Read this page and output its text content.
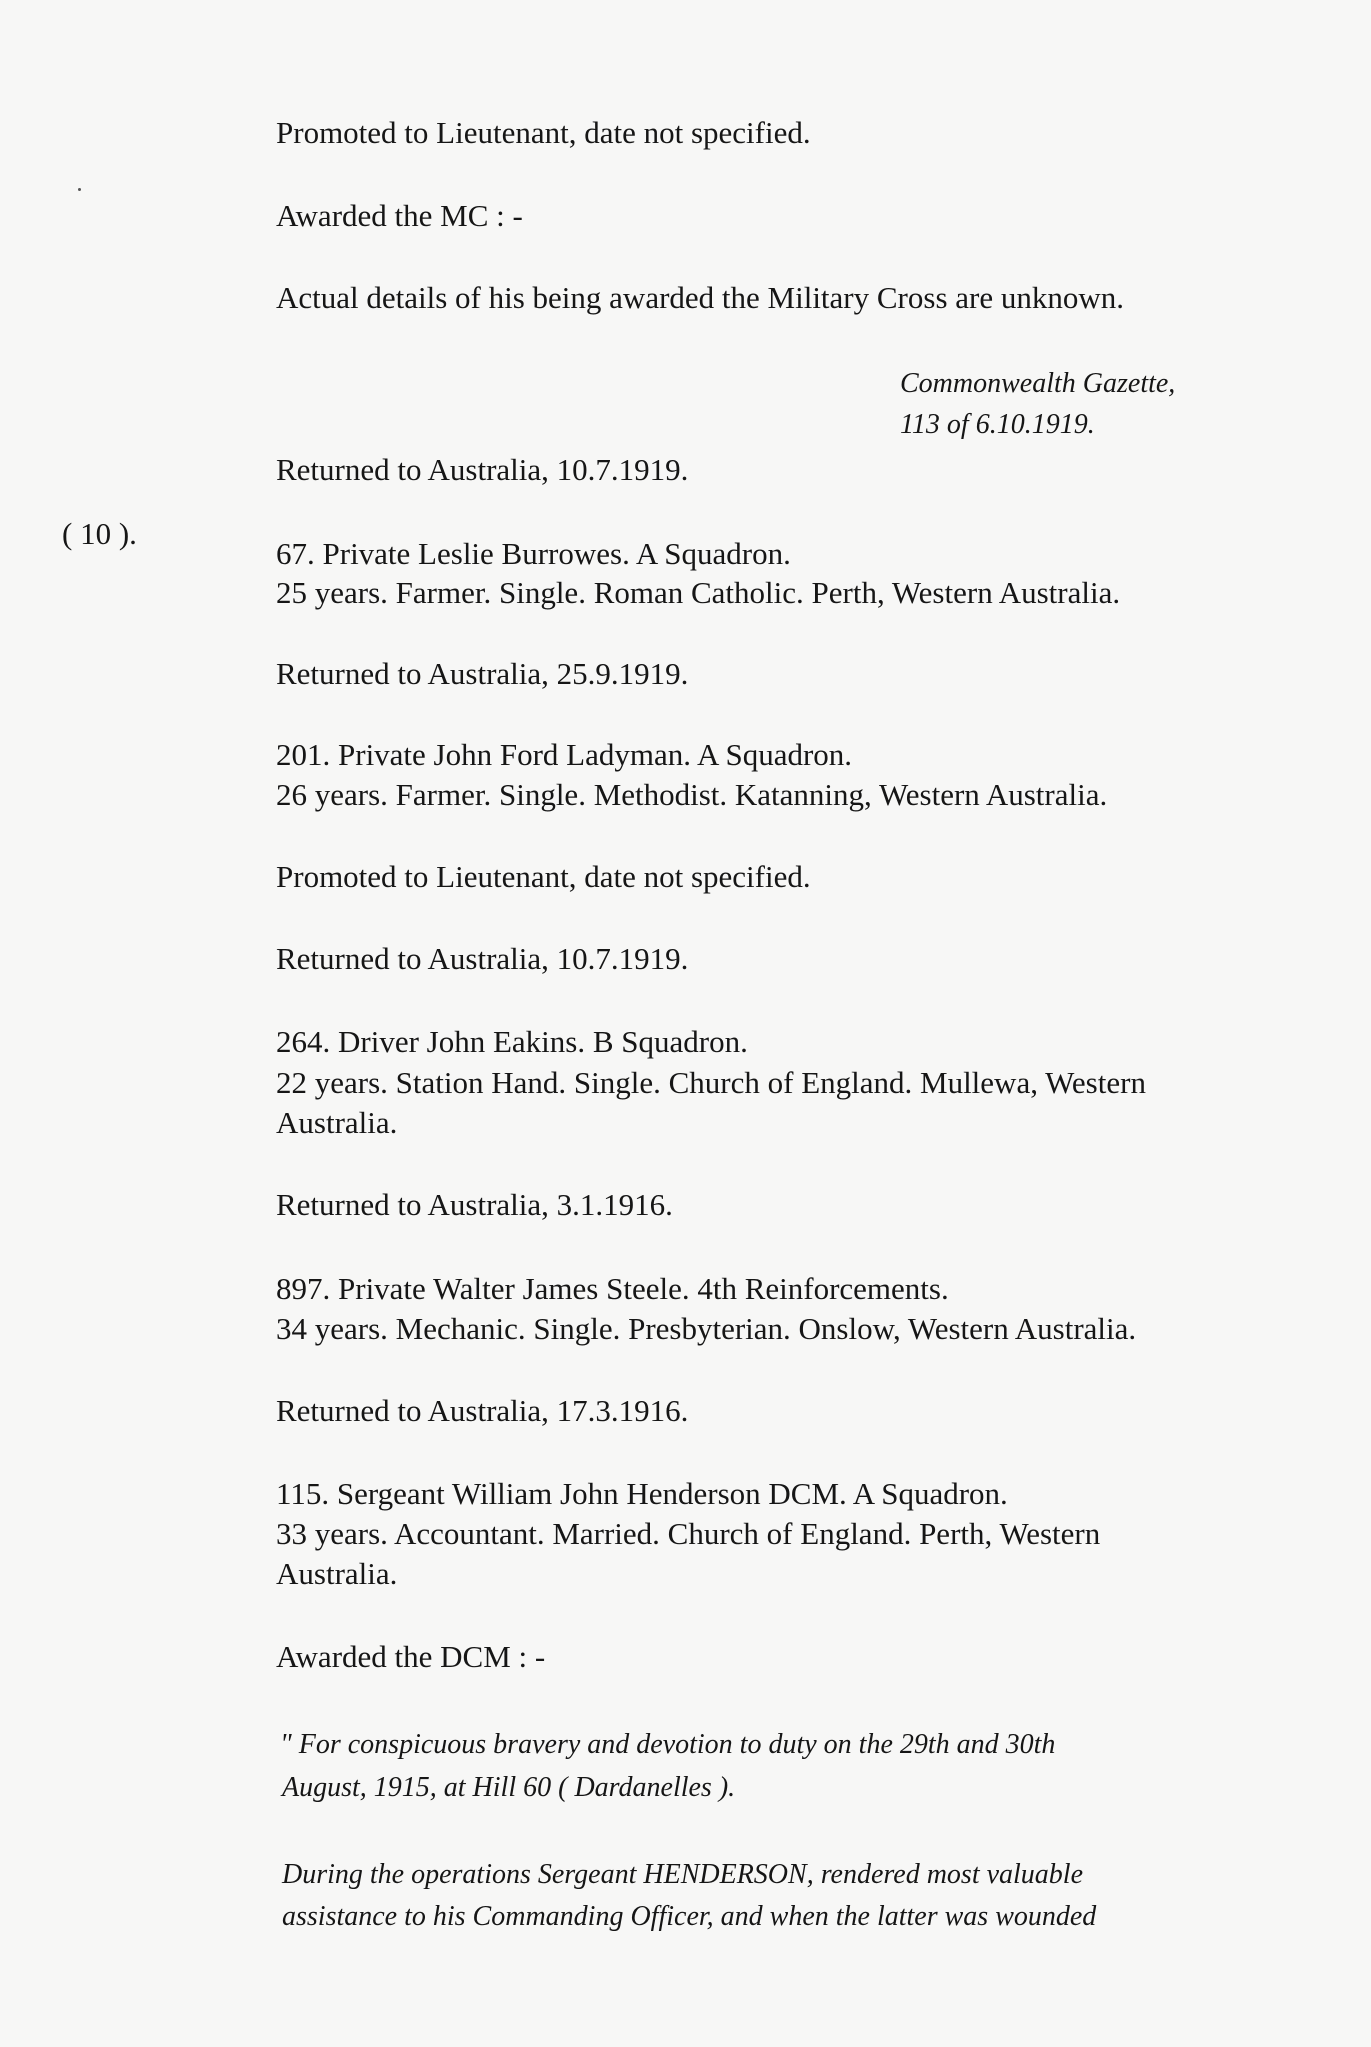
( 10 ).
Promoted to Lieutenant, date not specified.
Awarded the MC : -
Actual details of his being awarded the Military Cross are unknown.
Commonwealth Gazette,
113 of 6.10.1919.
Returned to Australia, 10.7.1919.
67. Private Leslie Burrowes. A Squadron.
25 years. Farmer. Single. Roman Catholic. Perth, Western Australia.
Returned to Australia, 25.9.1919.
201. Private John Ford Ladyman. A Squadron.
26 years. Farmer. Single. Methodist. Katanning, Western Australia.
Promoted to Lieutenant, date not specified.
Returned to Australia, 10.7.1919.
264. Driver John Eakins. B Squadron.
22 years. Station Hand. Single. Church of England. Mullewa, Western
Australia.
Returned to Australia, 3.1.1916.
897. Private Walter James Steele. 4th Reinforcements.
34 years. Mechanic. Single. Presbyterian. Onslow, Western Australia.
Returned to Australia, 17.3.1916.
115. Sergeant William John Henderson DCM. A Squadron.
33 years. Accountant. Married. Church of England. Perth, Western
Australia.
Awarded the DCM : -
" For conspicuous bravery and devotion to duty on the 29th and 30th
August, 1915, at Hill 60 ( Dardanelles ).
During the operations Sergeant HENDERSON, rendered most valuable
assistance to his Commanding Officer, and when the latter was wounded
